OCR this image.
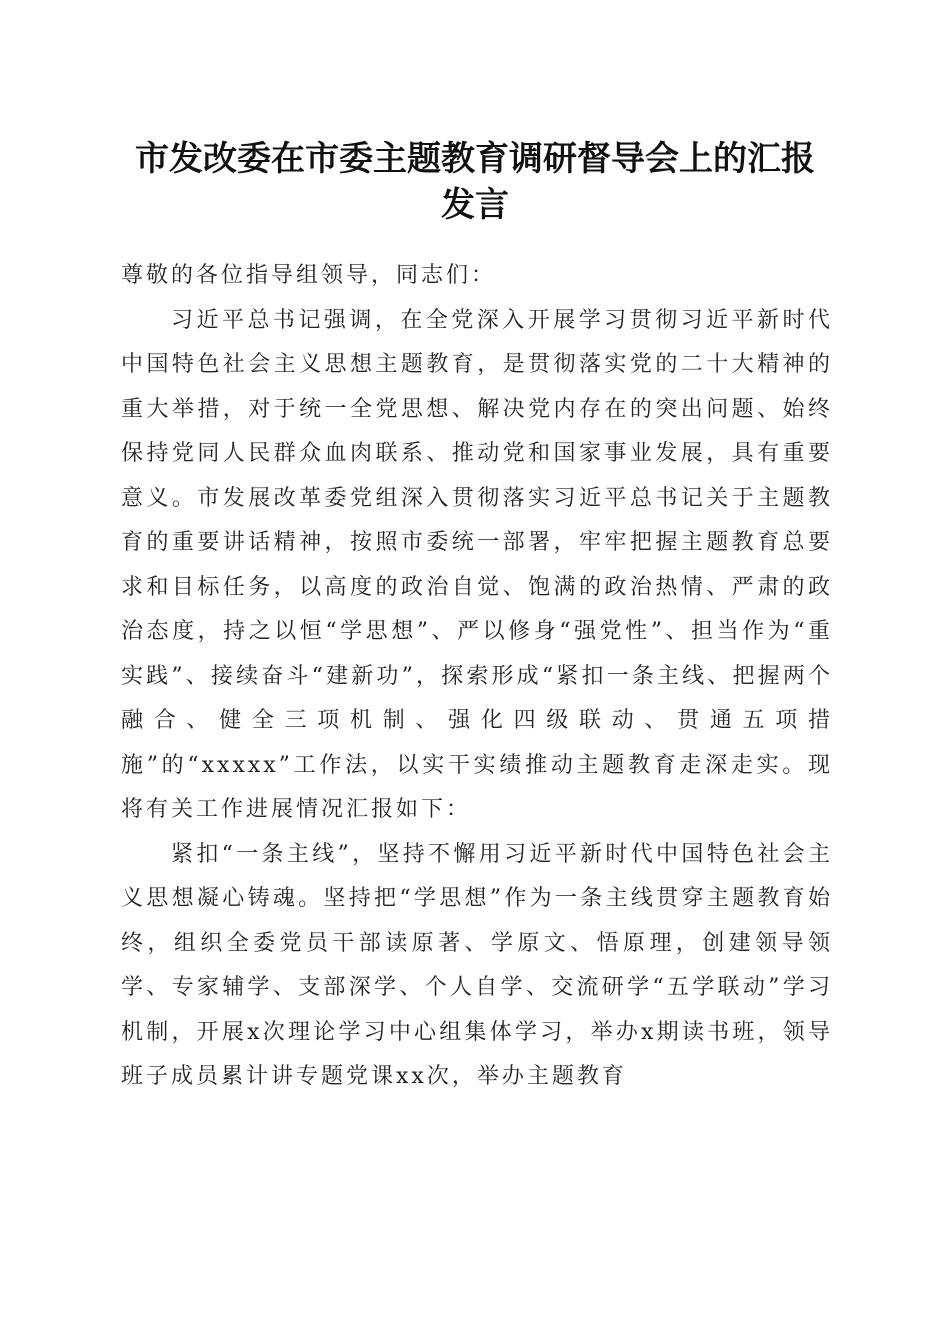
市发改委在市委主题教育调研督导会上的汇报
发言

尊敬的各位指导组领导，同志们：

习近平总书记强调，在全党深入开展学习贯彻习近平新时代中国特色社会主义思想主题教育，是贯彻落实党的二十大精神的重大举措，对于统一全党思想、解决党内存在的突出问题、始终保持党同人民群众血肉联系、推动党和国家事业发展，具有重要意义。市发展改革委党组深入贯彻落实习近平总书记关于主题教育的重要讲话精神，按照市委统一部署，牢牢把握主题教育总要求和目标任务，以高度的政治自觉、饱满的政治热情、严肃的政治态度，持之以恒“学思想”、严以修身“强党性”、担当作为“重实践”、接续奋斗“建新功”，探索形成“紧扣一条主线、把握两个融合、健全三项机制、强化四级联动、贯通五项措施”的“xxxxx”工作法，以实干实绩推动主题教育走深走实。现将有关工作进展情况汇报如下：

紧扣“一条主线”，坚持不懈用习近平新时代中国特色社会主义思想凝心铸魂。坚持把“学思想”作为一条主线贯穿主题教育始终，组织全委党员干部读原著、学原文、悟原理，创建领导领学、专家辅学、支部深学、个人自学、交流研学“五学联动”学习机制，开展x次理论学习中心组集体学习，举办x期读书班，领导班子成员累计讲专题党课xx次，举办主题教育
